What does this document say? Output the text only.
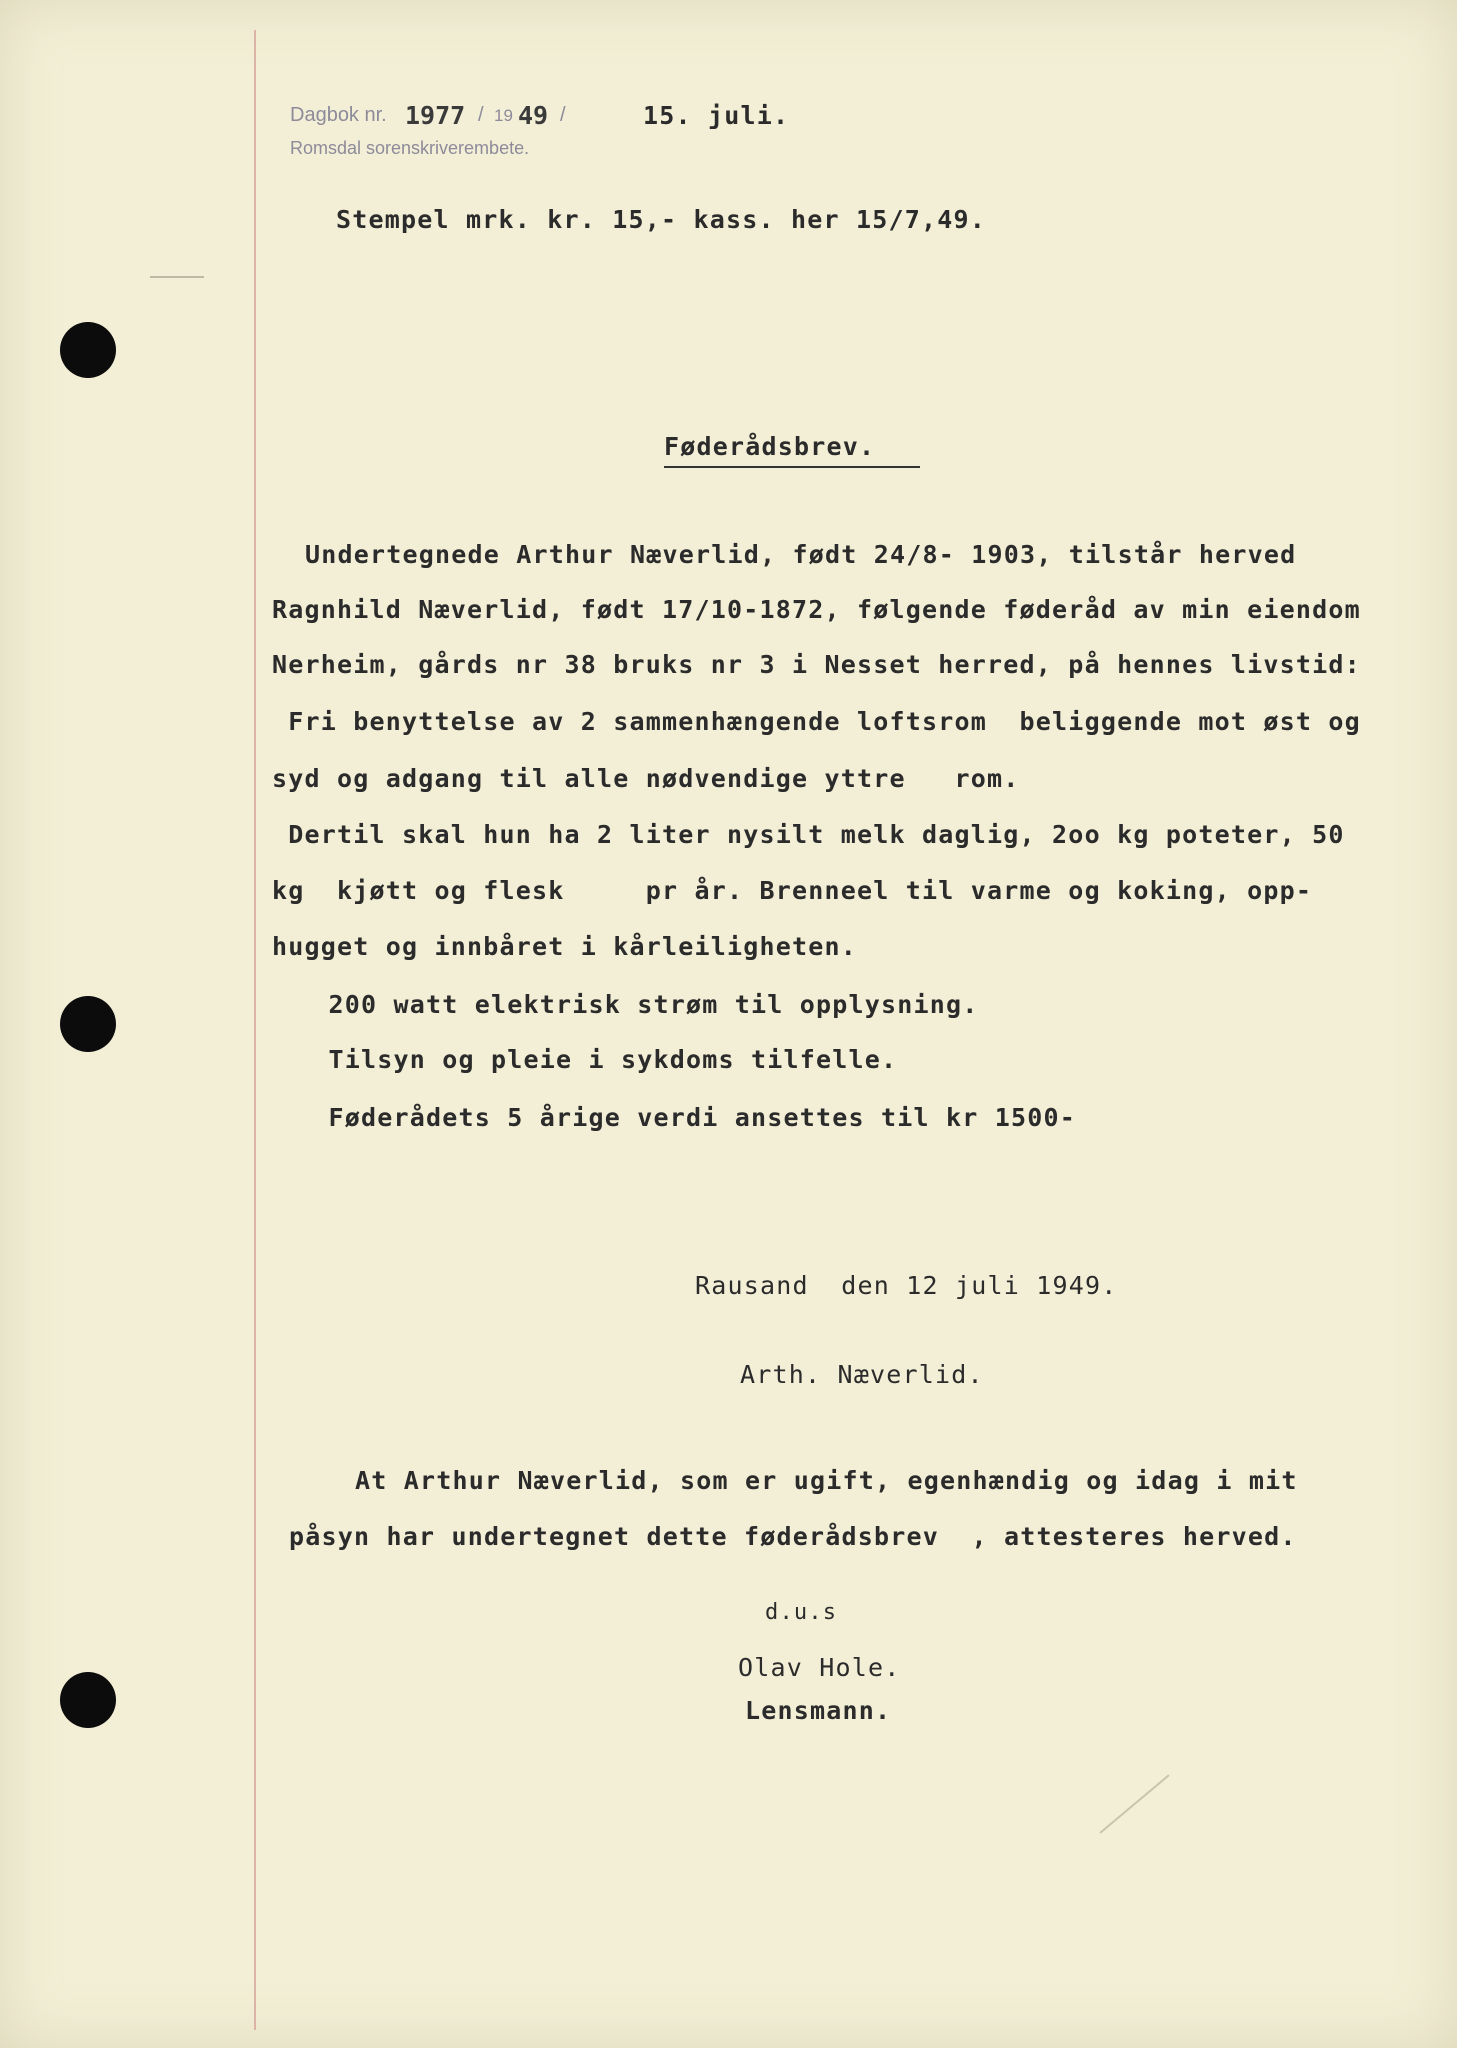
Dagbok nr. 1977 / 19 49 /
Romsdal sorenskriverembete.
15. juli.
Stempel mrk. kr. 15,- kass. her 15/7,49.
Føderådsbrev.
Undertegnede Arthur Næverlid, født 24/8- 1903, tilstår herved
Ragnhild Næverlid, født 17/10-1872, følgende føderåd av min eiendom
Nerheim, gårds nr 38 bruks nr 3 i Nesset herred, på hennes livstid:
Fri benyttelse av 2 sammenhængende loftsrom  beliggende mot øst og
syd og adgang til alle nødvendige yttre   rom.
Dertil skal hun ha 2 liter nysilt melk daglig, 2oo kg poteter, 50
kg  kjøtt og flesk     pr år. Brenneel til varme og koking, opp-
hugget og innbåret i kårleiligheten.
200 watt elektrisk strøm til opplysning.
Tilsyn og pleie i sykdoms tilfelle.
Føderådets 5 årige verdi ansettes til kr 1500-
Rausand  den 12 juli 1949.
Arth. Næverlid.
At Arthur Næverlid, som er ugift, egenhændig og idag i mit
påsyn har undertegnet dette føderådsbrev  , attesteres herved.
d.u.s
Olav Hole.
Lensmann.
